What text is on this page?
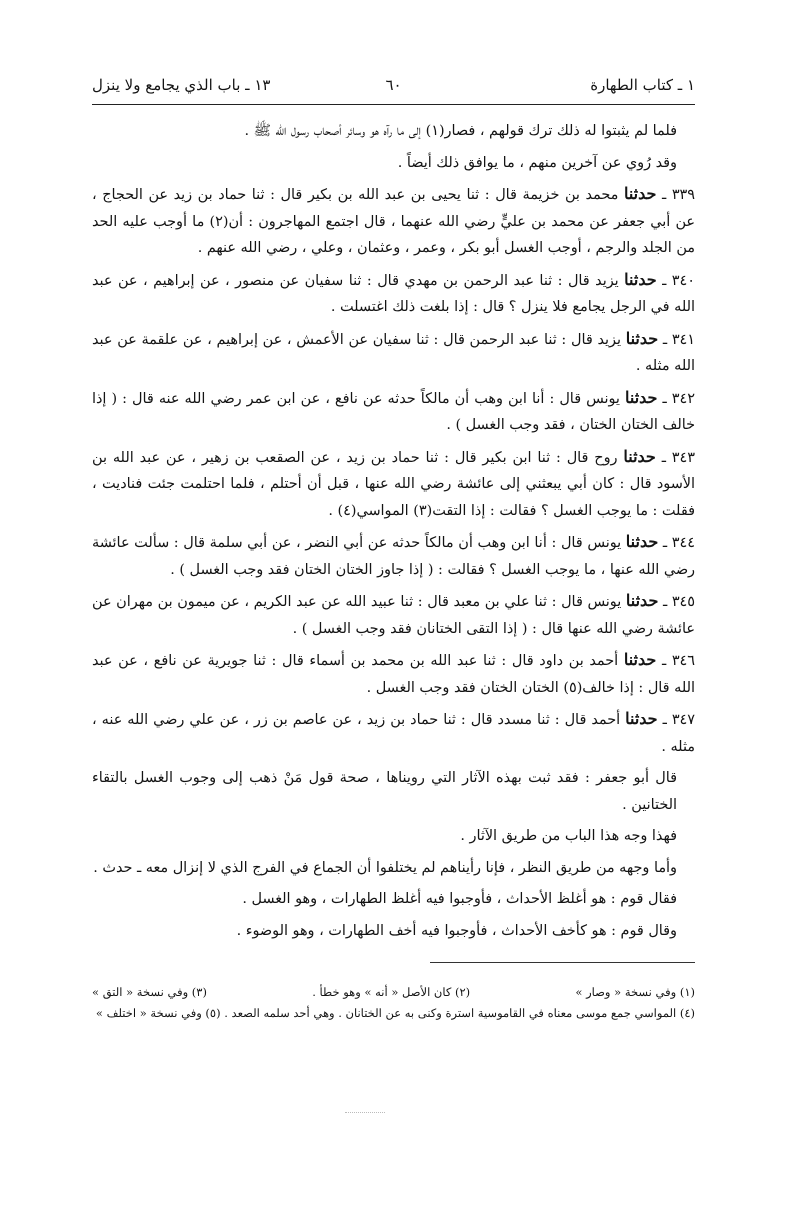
١ ـ كتاب الطهارة
٦٠
١٣ ـ باب الذي يجامع ولا ينزل

فلما لم يثبتوا له ذلك ترك قولهم ، فصار(١) إلى ما رآه هو وسائر أصحاب رسول الله ﷺ .

وقد رُوي عن آخرين منهم ، ما يوافق ذلك أيضاً .

٣٣٩ ـ حدثنا محمد بن خزيمة قال : ثنا يحيى بن عبد الله بن بكير قال : ثنا حماد بن زيد عن الحجاج ، عن أبي جعفر عن محمد بن عليٍّ رضي الله عنهما ، قال اجتمع المهاجرون : أن(٢) ما أوجب عليه الحد من الجلد والرجم ، أوجب الغسل أبو بكر ، وعمر ، وعثمان ، وعلي ، رضي الله عنهم .

٣٤٠ ـ حدثنا يزيد قال : ثنا عبد الرحمن بن مهدي قال : ثنا سفيان عن منصور ، عن إبراهيم ، عن عبد الله في الرجل يجامع فلا ينزل ؟ قال : إذا بلغت ذلك اغتسلت .

٣٤١ ـ حدثنا يزيد قال : ثنا عبد الرحمن قال : ثنا سفيان عن الأعمش ، عن إبراهيم ، عن علقمة عن عبد الله مثله .

٣٤٢ ـ حدثنا يونس قال : أنا ابن وهب أن مالكاً حدثه عن نافع ، عن ابن عمر رضي الله عنه قال : ( إذا خالف الختان الختان ، فقد وجب الغسل ) .

٣٤٣ ـ حدثنا روح قال : ثنا ابن بكير قال : ثنا حماد بن زيد ، عن الصقعب بن زهير ، عن عبد الله بن الأسود قال : كان أبي يبعثني إلى عائشة رضي الله عنها ، قبل أن أحتلم ، فلما احتلمت جئت فناديت ، فقلت : ما يوجب الغسل ؟ فقالت : إذا التقت(٣) المواسي(٤) .

٣٤٤ ـ حدثنا يونس قال : أنا ابن وهب أن مالكاً حدثه عن أبي النضر ، عن أبي سلمة قال : سألت عائشة رضي الله عنها ، ما يوجب الغسل ؟ فقالت : ( إذا جاوز الختان الختان فقد وجب الغسل ) .

٣٤٥ ـ حدثنا يونس قال : ثنا علي بن معبد قال : ثنا عبيد الله عن عبد الكريم ، عن ميمون بن مهران عن عائشة رضي الله عنها قال : ( إذا التقى الختانان فقد وجب الغسل ) .

٣٤٦ ـ حدثنا أحمد بن داود قال : ثنا عبد الله بن محمد بن أسماء قال : ثنا جويرية عن نافع ، عن عبد الله قال : إذا خالف(٥) الختان الختان فقد وجب الغسل .

٣٤٧ ـ حدثنا أحمد قال : ثنا مسدد قال : ثنا حماد بن زيد ، عن عاصم بن زر ، عن علي رضي الله عنه ، مثله .

قال أبو جعفر : فقد ثبت بهذه الآثار التي رويناها ، صحة قول مَنْ ذهب إلى وجوب الغسل بالتقاء الختانين .

فهذا وجه هذا الباب من طريق الآثار .

وأما وجهه من طريق النظر ، فإنا رأيناهم لم يختلفوا أن الجماع في الفرج الذي لا إنزال معه ـ حدث .

فقال قوم : هو أغلظ الأحداث ، فأوجبوا فيه أغلظ الطهارات ، وهو الغسل .

وقال قوم : هو كأخف الأحداث ، فأوجبوا فيه أخف الطهارات ، وهو الوضوء .

(١) وفي نسخة « وصار »
(٢) كان الأصل « أنه » وهو خطأ .
(٣) وفي نسخة « التق »
(٤) المواسي جمع موسى معناه في القاموسية استرة وكنى به عن الختانان . وهي أحد سلمه الصعد . (٥) وفي نسخة « اختلف »
